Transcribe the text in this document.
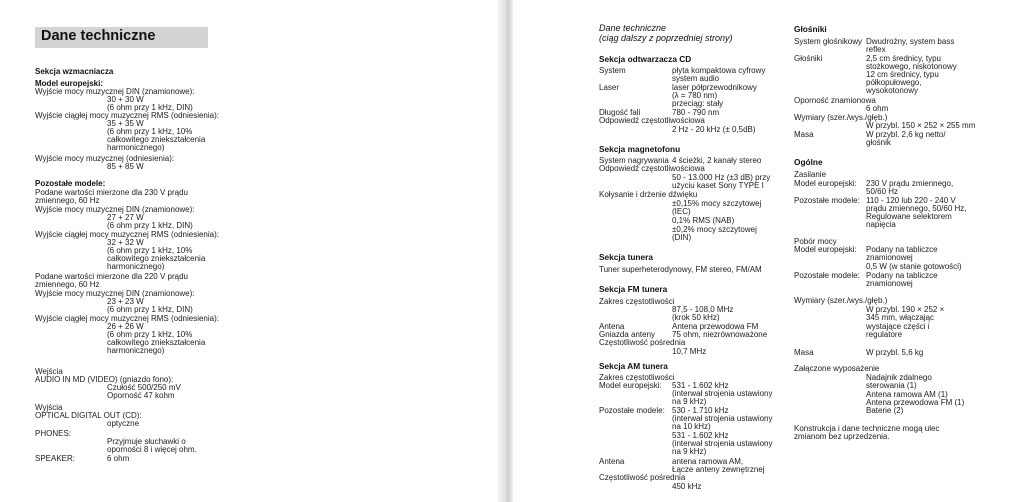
Dane techniczne
Sekcja wzmacniacza
Model europejski:
Wyjście mocy muzycznej DIN (znamionowe):
30 + 30 W
(6 ohm przy 1 kHz, DIN)
Wyjście ciągłej mocy muzycznej RMS (odniesienia):
35 + 35 W
(6 ohm przy 1 kHz, 10%
całkowitego zniekształcenia
harmonicznego)
Wyjście mocy muzycznej (odniesienia):
85 + 85 W
Pozostałe modele:
Podane wartości mierzone dla 230 V prądu
zmiennego, 60 Hz
Wyjście mocy muzycznej DIN (znamionowe):
27 + 27 W
(6 ohm przy 1 kHz, DIN)
Wyjście ciągłej mocy muzycznej RMS (odniesienia):
32 + 32 W
(6 ohm przy 1 kHz, 10%
całkowitego zniekształcenia
harmonicznego)
Podane wartości mierzone dla 220 V prądu
zmiennego, 60 Hz
Wyjście mocy muzycznej DIN (znamionowe):
23 + 23 W
(6 ohm przy 1 kHz, DIN)
Wyjście ciągłej mocy muzycznej RMS (odniesienia):
26 + 26 W
(6 ohm przy 1 kHz, 10%
całkowitego zniekształcenia
harmonicznego)
Wejścia
AUDIO IN MD (VIDEO) (gniazdo fono):
Czułość 500/250 mV
Oporność 47 kohm
Wyjścia
OPTICAL DIGITAL OUT (CD):
optyczne
PHONES:
Przyjmuje słuchawki o
oporności 8 i więcej ohm.
SPEAKER:	6 ohm
Dane techniczne
(ciąg dalszy z poprzedniej strony)
Sekcja odtwarzacza CD
System	płyta kompaktowa cyfrowy
system audio
Laser	laser półprzewodnikowy
(λ = 780 nm)
przeciąg: stały
Długość fali	780 - 790 nm
Odpowiedź częstotliwościowa
2 Hz - 20 kHz (± 0,5dB)
Sekcja magnetofonu
System nagrywania 4 ścieżki, 2 kanały stereo
Odpowiedź częstotliwościowa
50 - 13.000 Hz (±3 dB) przy
użyciu kaset Sony TYPE I
Kołysanie i drżenie dźwięku
±0,15% mocy szczytowej
(IEC)
0,1% RMS (NAB)
±0,2% mocy szczytowej
(DIN)
Sekcja tunera
Tuner superheterodynowy, FM stereo, FM/AM
Sekcja FM tunera
Zakres częstotliwości
87,5 - 108,0 MHz
(krok 50 kHz)
Antena	Antena przewodowa FM
Gniazda anteny 75 ohm, niezrównoważone
Częstotliwość pośrednia
10,7 MHz
Sekcja AM tunera
Zakres częstotliwości
Model europejski: 531 - 1.602 kHz
(interwał strojenia ustawiony
na 9 kHz)
Pozostałe modele: 530 - 1.710 kHz
(interwał strojenia ustawiony
na 10 kHz)
531 - 1.602 kHz
(interwał strojenia ustawiony
na 9 kHz)
Antena	antena ramowa AM,
Łącze anteny zewnętrznej
Częstotliwość pośrednia
450 kHz
Głośniki
System głośnikowy Dwudrożny, system bass
reflex
Głośniki	2,5 cm średnicy, typu
stożkowego, niskotonowy
12 cm średnicy, typu
półkopułowego,
wysokotonowy
Oporność znamionowa
6 ohm
Wymiary (szer./wys./głęb.)
W przybl. 150 × 252 × 255 mm
Masa	W przybl. 2,6 kg netto/
głośnik
Ogólne
Zasilanie
Model europejski: 230 V prądu zmiennego,
50/60 Hz
Pozostałe modele: 110 - 120 lub 220 - 240 V
prądu zmiennego, 50/60 Hz,
Regulowane selektorem
napięcia
Pobór mocy
Model europejski: Podany na tabliczce
znamionowej
0,5 W (w stanie gotowości)
Pozostałe modele: Podany na tabliczce
znamionowej
Wymiary (szer./wys./głęb.)
W przybl. 190 × 252 ×
345 mm, włączając
wystające części i
regulatore
Masa	W przybl. 5,6 kg
Załączone wyposażenie
Nadajnik zdalnego
sterowania (1)
Antena ramowa AM (1)
Antena przewodowa FM (1)
Baterie (2)
Konstrukcja i dane techniczne mogą ulec
zmianom bez uprzedzenia.
